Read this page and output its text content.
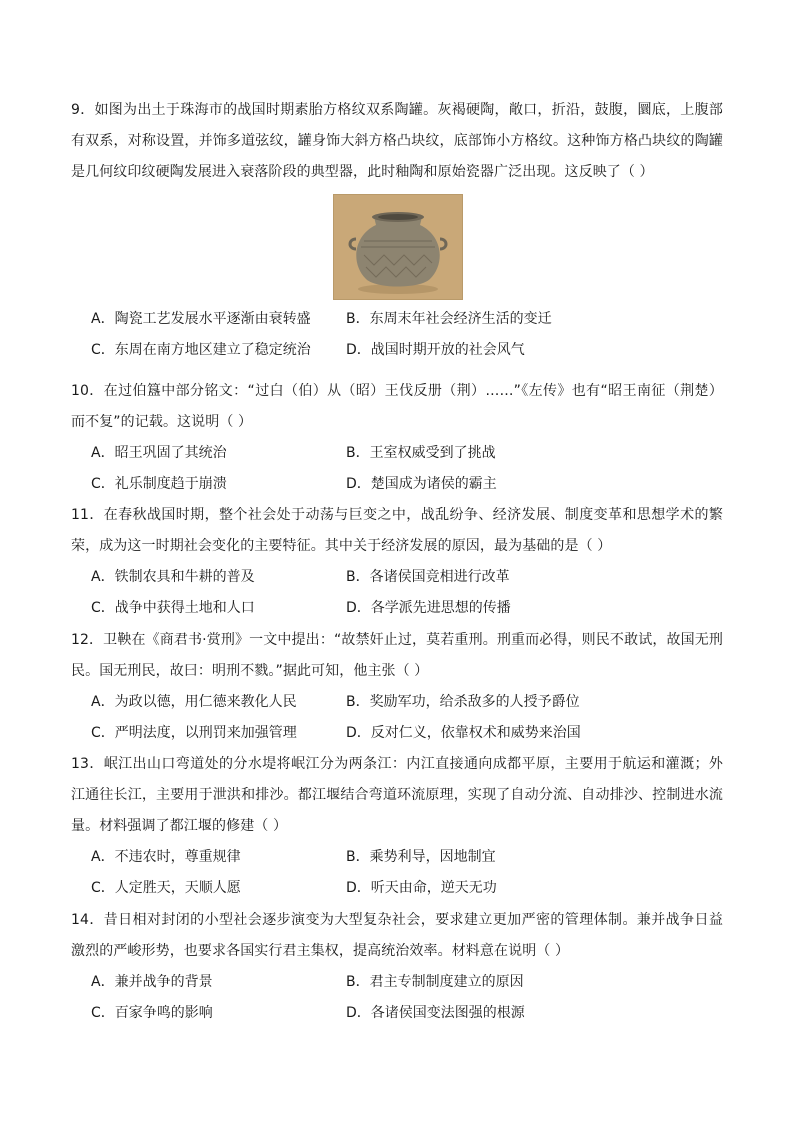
9．如图为出土于珠海市的战国时期素胎方格纹双系陶罐。灰褐硬陶，敞口，折沿，鼓腹，圜底，上腹部有双系，对称设置，并饰多道弦纹，罐身饰大斜方格凸块纹，底部饰小方格纹。这种饰方格凸块纹的陶罐是几何纹印纹硬陶发展进入衰落阶段的典型器，此时釉陶和原始瓷器广泛出现。这反映了（ ）

A．陶瓷工艺发展水平逐渐由衰转盛	B．东周末年社会经济生活的变迁
C．东周在南方地区建立了稳定统治	D．战国时期开放的社会风气

10．在过伯簋中部分铭文：“过白（伯）从（昭）王伐反册（荆）……”《左传》也有“昭王南征（荆楚）而不复”的记载。这说明（ ）

A．昭王巩固了其统治	B．王室权威受到了挑战
C．礼乐制度趋于崩溃	D．楚国成为诸侯的霸主

11．在春秋战国时期，整个社会处于动荡与巨变之中，战乱纷争、经济发展、制度变革和思想学术的繁荣，成为这一时期社会变化的主要特征。其中关于经济发展的原因，最为基础的是（ ）

A．铁制农具和牛耕的普及	B．各诸侯国竞相进行改革
C．战争中获得土地和人口	D．各学派先进思想的传播

12．卫鞅在《商君书·赏刑》一文中提出：“故禁奸止过，莫若重刑。刑重而必得，则民不敢试，故国无刑民。国无刑民，故曰：明刑不戮。”据此可知，他主张（ ）

A．为政以德，用仁德来教化人民	B．奖励军功，给杀敌多的人授予爵位
C．严明法度，以刑罚来加强管理	D．反对仁义，依靠权术和威势来治国

13．岷江出山口弯道处的分水堤将岷江分为两条江：内江直接通向成都平原，主要用于航运和灌溉；外江通往长江，主要用于泄洪和排沙。都江堰结合弯道环流原理，实现了自动分流、自动排沙、控制进水流量。材料强调了都江堰的修建（ ）

A．不违农时，尊重规律	B．乘势利导，因地制宜
C．人定胜天，天顺人愿	D．听天由命，逆天无功

14．昔日相对封闭的小型社会逐步演变为大型复杂社会，要求建立更加严密的管理体制。兼并战争日益激烈的严峻形势，也要求各国实行君主集权，提高统治效率。材料意在说明（ ）

A．兼并战争的背景	B．君主专制制度建立的原因
C．百家争鸣的影响	D．各诸侯国变法图强的根源
